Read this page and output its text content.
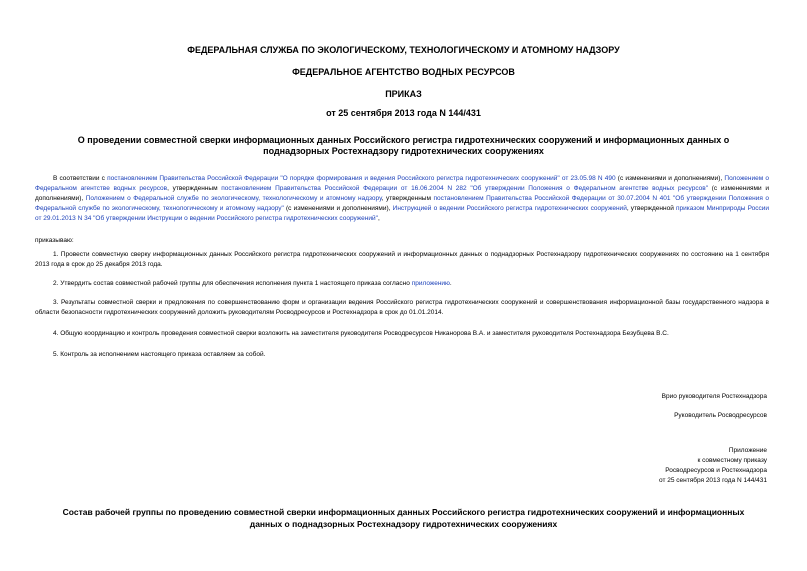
ФЕДЕРАЛЬНАЯ СЛУЖБА ПО ЭКОЛОГИЧЕСКОМУ, ТЕХНОЛОГИЧЕСКОМУ И АТОМНОМУ НАДЗОРУ
ФЕДЕРАЛЬНОЕ АГЕНТСТВО ВОДНЫХ РЕСУРСОВ
ПРИКАЗ
от 25 сентября 2013 года N 144/431
О проведении совместной сверки информационных данных Российского регистра гидротехнических сооружений и информационных данных о поднадзорных Ростехнадзору гидротехнических сооружениях
В соответствии с постановлением Правительства Российской Федерации "О порядке формирования и ведения Российского регистра гидротехнических сооружений" от 23.05.98 N 490 (с изменениями и дополнениями), Положением о Федеральном агентстве водных ресурсов, утвержденным постановлением Правительства Российской Федерации от 16.06.2004 N 282 "Об утверждении Положения о Федеральном агентстве водных ресурсов" (с изменениями и дополнениями), Положением о Федеральной службе по экологическому, технологическому и атомному надзору, утвержденным постановлением Правительства Российской Федерации от 30.07.2004 N 401 "Об утверждении Положения о Федеральной службе по экологическому, технологическому и атомному надзору" (с изменениями и дополнениями), Инструкцией о ведении Российского регистра гидротехнических сооружений, утвержденной приказом Минприроды России от 29.01.2013 N 34 "Об утверждении Инструкции о ведении Российского регистра гидротехнических сооружений",
приказываю:
1. Провести совместную сверку информационных данных Российского регистра гидротехнических сооружений и информационных данных о поднадзорных Ростехнадзору гидротехнических сооружениях по состоянию на 1 сентября 2013 года в срок до 25 декабря 2013 года.
2. Утвердить состав совместной рабочей группы для обеспечения исполнения пункта 1 настоящего приказа согласно приложению.
3. Результаты совместной сверки и предложения по совершенствованию форм и организации ведения Российского регистра гидротехнических сооружений и совершенствования информационной базы государственного надзора в области безопасности гидротехнических сооружений доложить руководителям Росводресурсов и Ростехнадзора в срок до 01.01.2014.
4. Общую координацию и контроль проведения совместной сверки возложить на заместителя руководителя Росводресурсов Никанорова В.А. и заместителя руководителя Ростехнадзора Безубцева В.С.
5. Контроль за исполнением настоящего приказа оставляем за собой.
Врио руководителя Ростехнадзора
Руководитель Росводресурсов
Приложение
к совместному приказу
Росводресурсов и Ростехнадзора
от 25 сентября 2013 года N 144/431
Состав рабочей группы по проведению совместной сверки информационных данных Российского регистра гидротехнических сооружений и информационных данных о поднадзорных Ростехнадзору гидротехнических сооружениях
